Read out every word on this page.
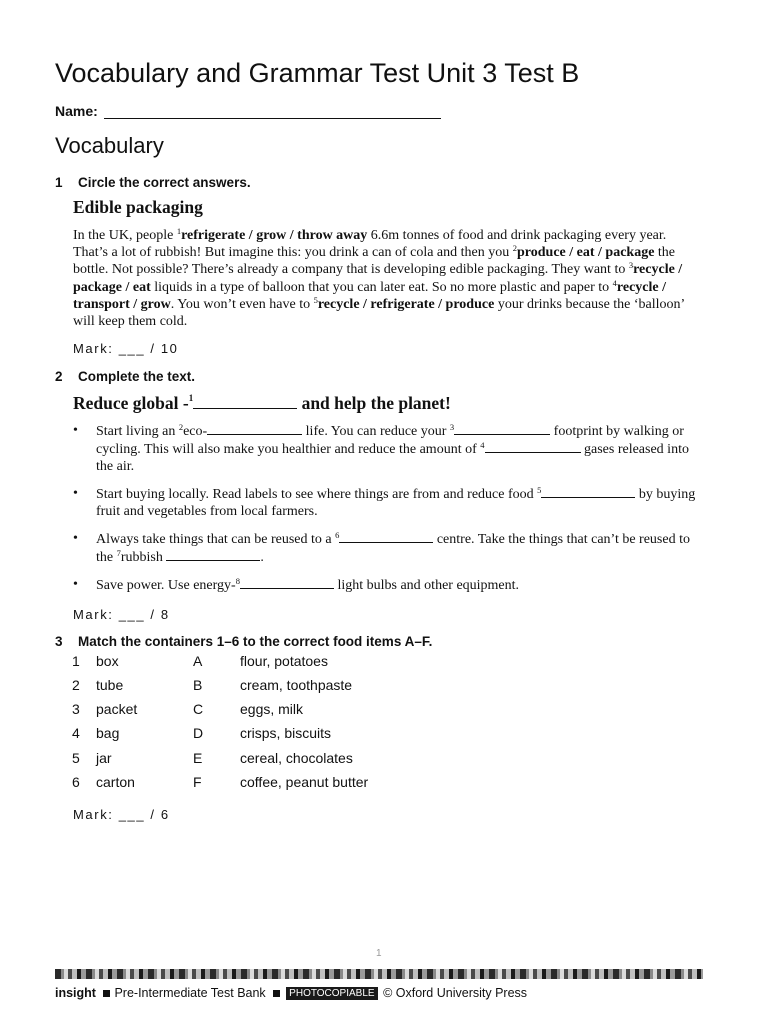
Vocabulary and Grammar Test Unit 3 Test B
Name:
Vocabulary
1 Circle the correct answers.
Edible packaging
In the UK, people $^1$refrigerate / grow / throw away 6.6m tonnes of food and drink packaging every year. That’s a lot of rubbish! But imagine this: you drink a can of cola and then you $^2$produce / eat / package the bottle. Not possible? There’s already a company that is developing edible packaging. They want to $^3$recycle / package / eat liquids in a type of balloon that you can later eat. So no more plastic and paper to $^4$recycle / transport / grow. You won’t even have to $^5$recycle / refrigerate / produce your drinks because the ‘balloon’ will keep them cold.
Mark: ___ / 10
2 Complete the text.
Reduce global -$^1$	and help the planet!
• Start living an $^2$eco-	life. You can reduce your $^3$	footprint by walking or cycling. This will also make you healthier and reduce the amount of $^4$	gases released into the air.
• Start buying locally. Read labels to see where things are from and reduce food $^5$	by buying fruit and vegetables from local farmers.
• Always take things that can be reused to a $^6$	centre. Take the things that can’t be reused to the $^7$rubbish	.
• Save power. Use energy-$^8$	light bulbs and other equipment.
Mark: ___ / 8
3 Match the containers 1–6 to the correct food items A–F.
1 box	A	flour, potatoes
2 tube	B	cream, toothpaste
3 packet	C	eggs, milk
4 bag	D	crisps, biscuits
5 jar	E	cereal, chocolates
6 carton	F	coffee, peanut butter
Mark: ___ / 6
1
insight Pre-Intermediate Test Bank PHOTOCOPIABLE © Oxford University Press
